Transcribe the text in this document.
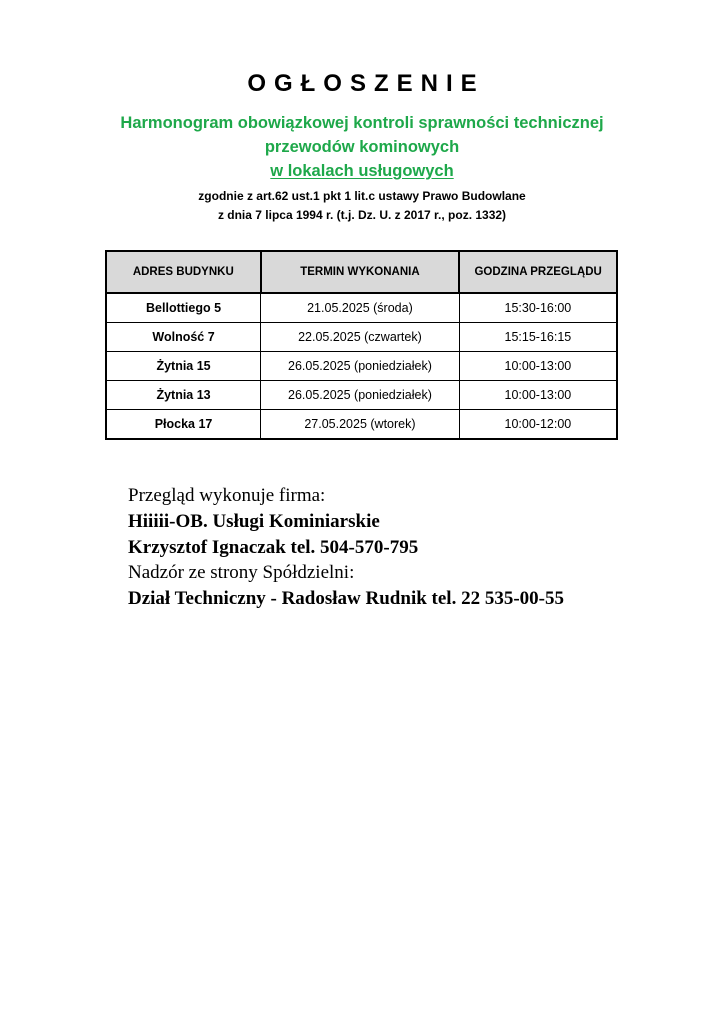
OGŁOSZENIE
Harmonogram obowiązkowej kontroli sprawności technicznej
przewodów kominowych
w lokalach usługowych
zgodnie z art.62 ust.1 pkt 1 lit.c ustawy Prawo Budowlane
z dnia 7 lipca 1994 r. (t.j. Dz. U. z 2017 r., poz. 1332)
ADRES BUDYNKU	TERMIN WYKONANIA	GODZINA PRZEGLĄDU
Bellottiego 5	21.05.2025 (środa)	15:30-16:00
Wolność 7	22.05.2025 (czwartek)	15:15-16:15
Żytnia 15	26.05.2025 (poniedziałek)	10:00-13:00
Żytnia 13	26.05.2025 (poniedziałek)	10:00-13:00
Płocka 17	27.05.2025 (wtorek)	10:00-12:00
Przegląd wykonuje firma:
Hiiiii-OB. Usługi Kominiarskie
Krzysztof Ignaczak tel. 504-570-795
Nadzór ze strony Spółdzielni:
Dział Techniczny - Radosław Rudnik tel. 22 535-00-55
